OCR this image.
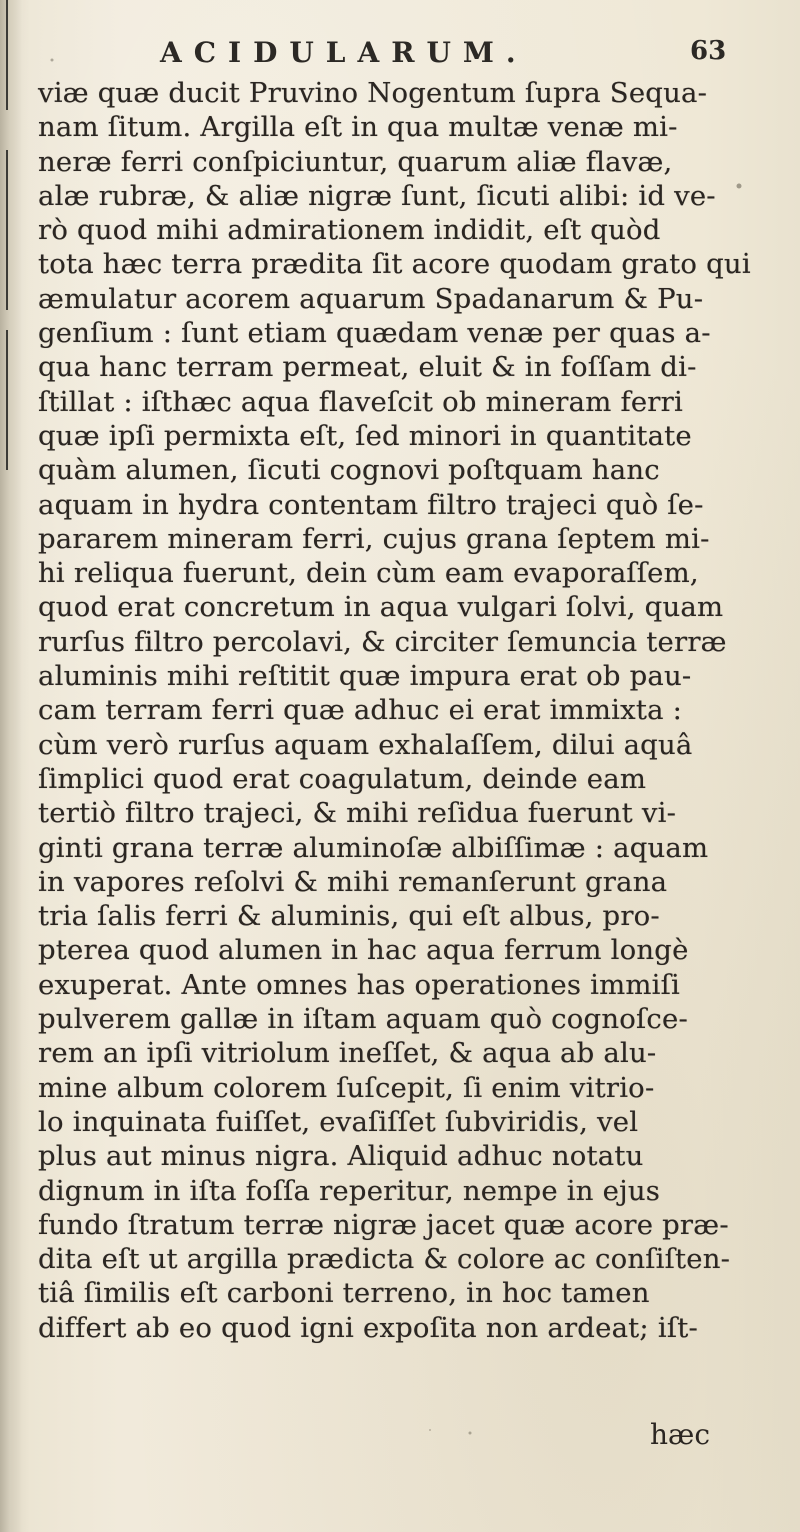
ACIDULARUM.	63
viæ quæ ducit Pruvino Nogentum ſupra Sequa-
nam ſitum. Argilla eſt in qua multæ venæ mi-
neræ ferri conſpiciuntur, quarum aliæ flavæ,
alæ rubræ, & aliæ nigræ ſunt, ſicuti alibi: id ve-
rò quod mihi admirationem indidit, eſt quòd
tota hæc terra prædita ſit acore quodam grato qui
æmulatur acorem aquarum Spadanarum & Pu-
genſium : ſunt etiam quædam venæ per quas a-
qua hanc terram permeat, eluit & in foſſam di-
ſtillat : iſthæc aqua flaveſcit ob mineram ferri
quæ ipſi permixta eſt, ſed minori in quantitate
quàm alumen, ſicuti cognovi poſtquam hanc
aquam in hydra contentam filtro trajeci quò ſe-
pararem mineram ferri, cujus grana ſeptem mi-
hi reliqua fuerunt, dein cùm eam evaporaſſem,
quod erat concretum in aqua vulgari ſolvi, quam
rurſus filtro percolavi, & circiter ſemuncia terræ
aluminis mihi reſtitit quæ impura erat ob pau-
cam terram ferri quæ adhuc ei erat immixta :
cùm verò rurſus aquam exhalaſſem, dilui aquâ
ſimplici quod erat coagulatum, deinde eam
tertiò filtro trajeci, & mihi reſidua fuerunt vi-
ginti grana terræ aluminoſæ albiſſimæ : aquam
in vapores reſolvi & mihi remanſerunt grana
tria ſalis ferri & aluminis, qui eſt albus, pro-
pterea quod alumen in hac aqua ferrum longè
exuperat. Ante omnes has operationes immiſi
pulverem gallæ in iſtam aquam quò cognoſce-
rem an ipſi vitriolum ineſſet, & aqua ab alu-
mine album colorem ſuſcepit, ſi enim vitrio-
lo inquinata fuiſſet, evaſiſſet ſubviridis, vel
plus aut minus nigra. Aliquid adhuc notatu
dignum in iſta foſſa reperitur, nempe in ejus
fundo ſtratum terræ nigræ jacet quæ acore præ-
dita eſt ut argilla prædicta & colore ac conſiſten-
tiâ ſimilis eſt carboni terreno, in hoc tamen
differt ab eo quod igni expoſita non ardeat; iſt-
hæc
